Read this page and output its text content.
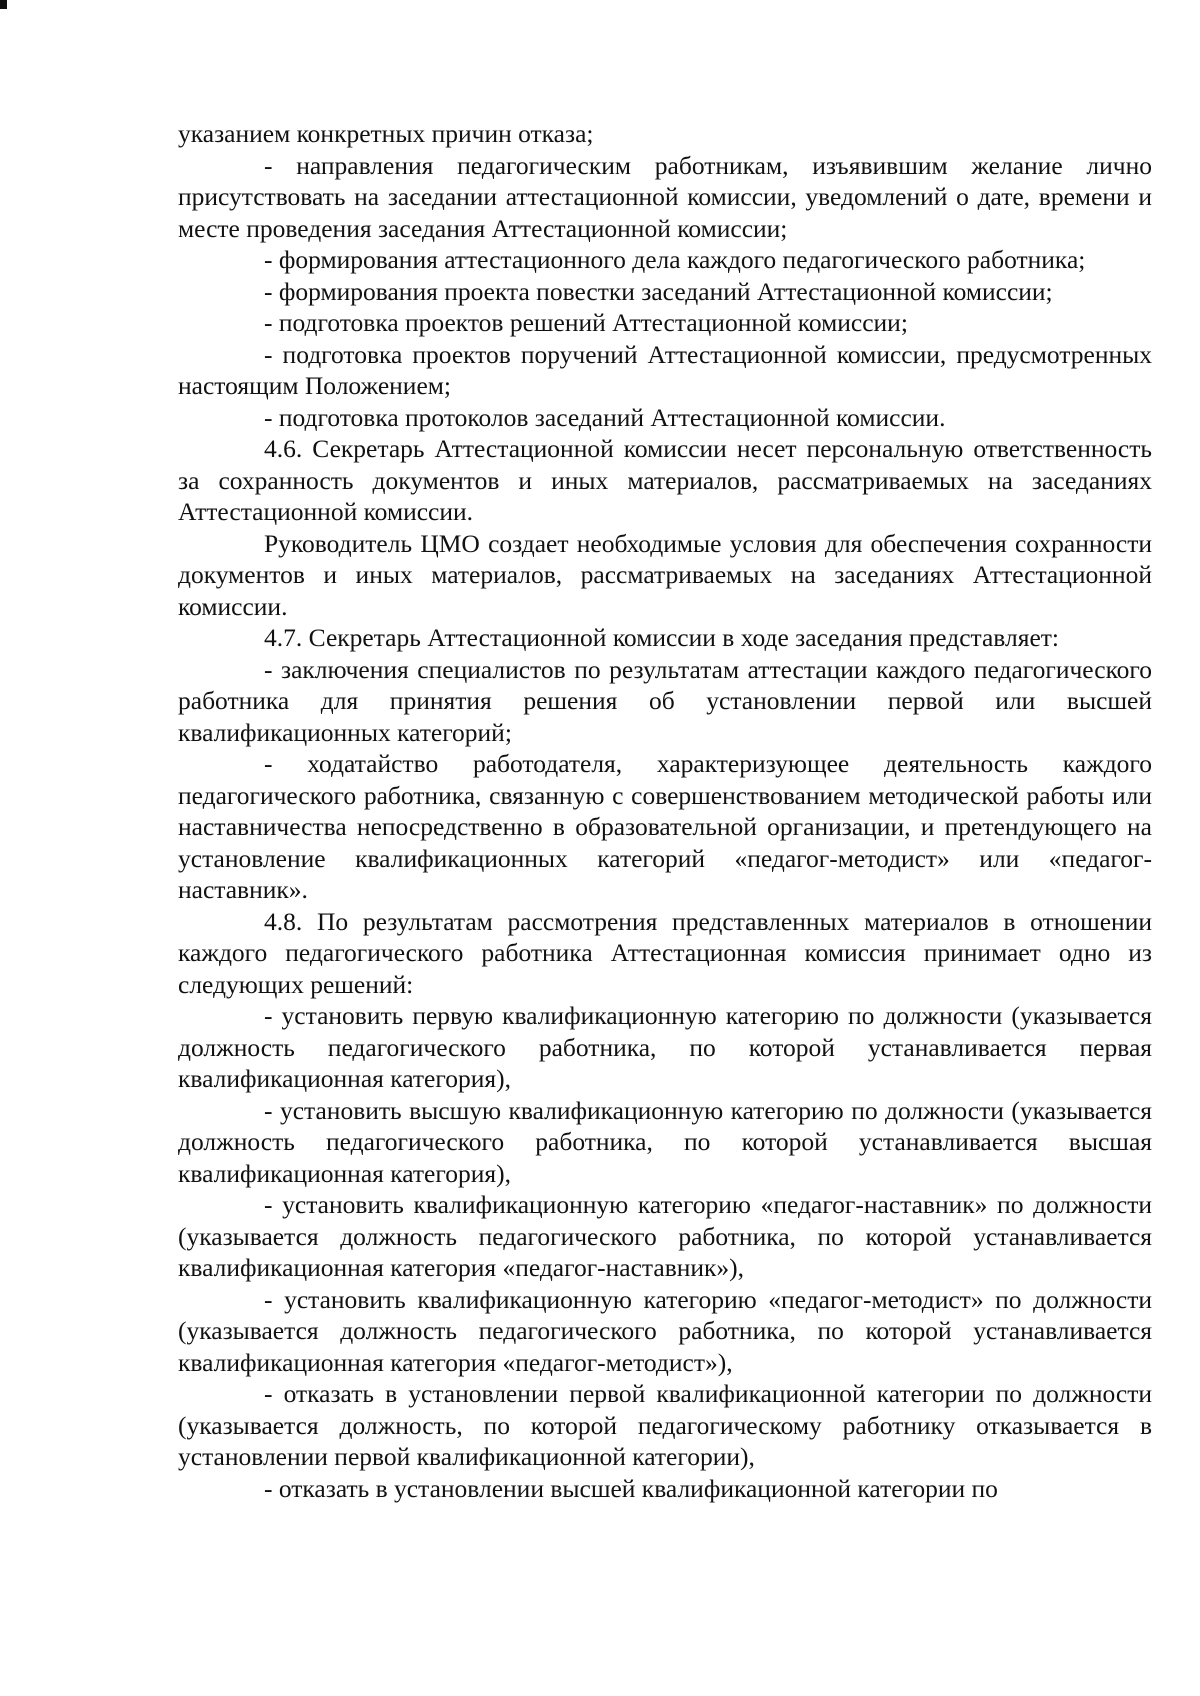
указанием конкретных причин отказа;

- направления педагогическим работникам, изъявившим желание лично присутствовать на заседании аттестационной комиссии, уведомлений о дате, времени и месте проведения заседания Аттестационной комиссии;

- формирования аттестационного дела каждого педагогического работника;

- формирования проекта повестки заседаний Аттестационной комиссии;

- подготовка проектов решений Аттестационной комиссии;

- подготовка проектов поручений Аттестационной комиссии, предусмотренных настоящим Положением;

- подготовка протоколов заседаний Аттестационной комиссии.

4.6. Секретарь Аттестационной комиссии несет персональную ответственность за сохранность документов и иных материалов, рассматриваемых на заседаниях Аттестационной комиссии.

Руководитель ЦМО создает необходимые условия для обеспечения сохранности документов и иных материалов, рассматриваемых на заседаниях Аттестационной комиссии.

4.7. Секретарь Аттестационной комиссии в ходе заседания представляет:

- заключения специалистов по результатам аттестации каждого педагогического работника для принятия решения об установлении первой или высшей квалификационных категорий;

- ходатайство работодателя, характеризующее деятельность каждого педагогического работника, связанную с совершенствованием методической работы или наставничества непосредственно в образовательной организации, и претендующего на установление квалификационных категорий «педагог-методист» или «педагог-наставник».

4.8. По результатам рассмотрения представленных материалов в отношении каждого педагогического работника Аттестационная комиссия принимает одно из следующих решений:

- установить первую квалификационную категорию по должности (указывается должность педагогического работника, по которой устанавливается первая квалификационная категория),

- установить высшую квалификационную категорию по должности (указывается должность педагогического работника, по которой устанавливается высшая квалификационная категория),

- установить квалификационную категорию «педагог-наставник» по должности (указывается должность педагогического работника, по которой устанавливается квалификационная категория «педагог-наставник»),

- установить квалификационную категорию «педагог-методист» по должности (указывается должность педагогического работника, по которой устанавливается квалификационная категория «педагог-методист»),

- отказать в установлении первой квалификационной категории по должности (указывается должность, по которой педагогическому работнику отказывается в установлении первой квалификационной категории),

- отказать в установлении высшей квалификационной категории по
